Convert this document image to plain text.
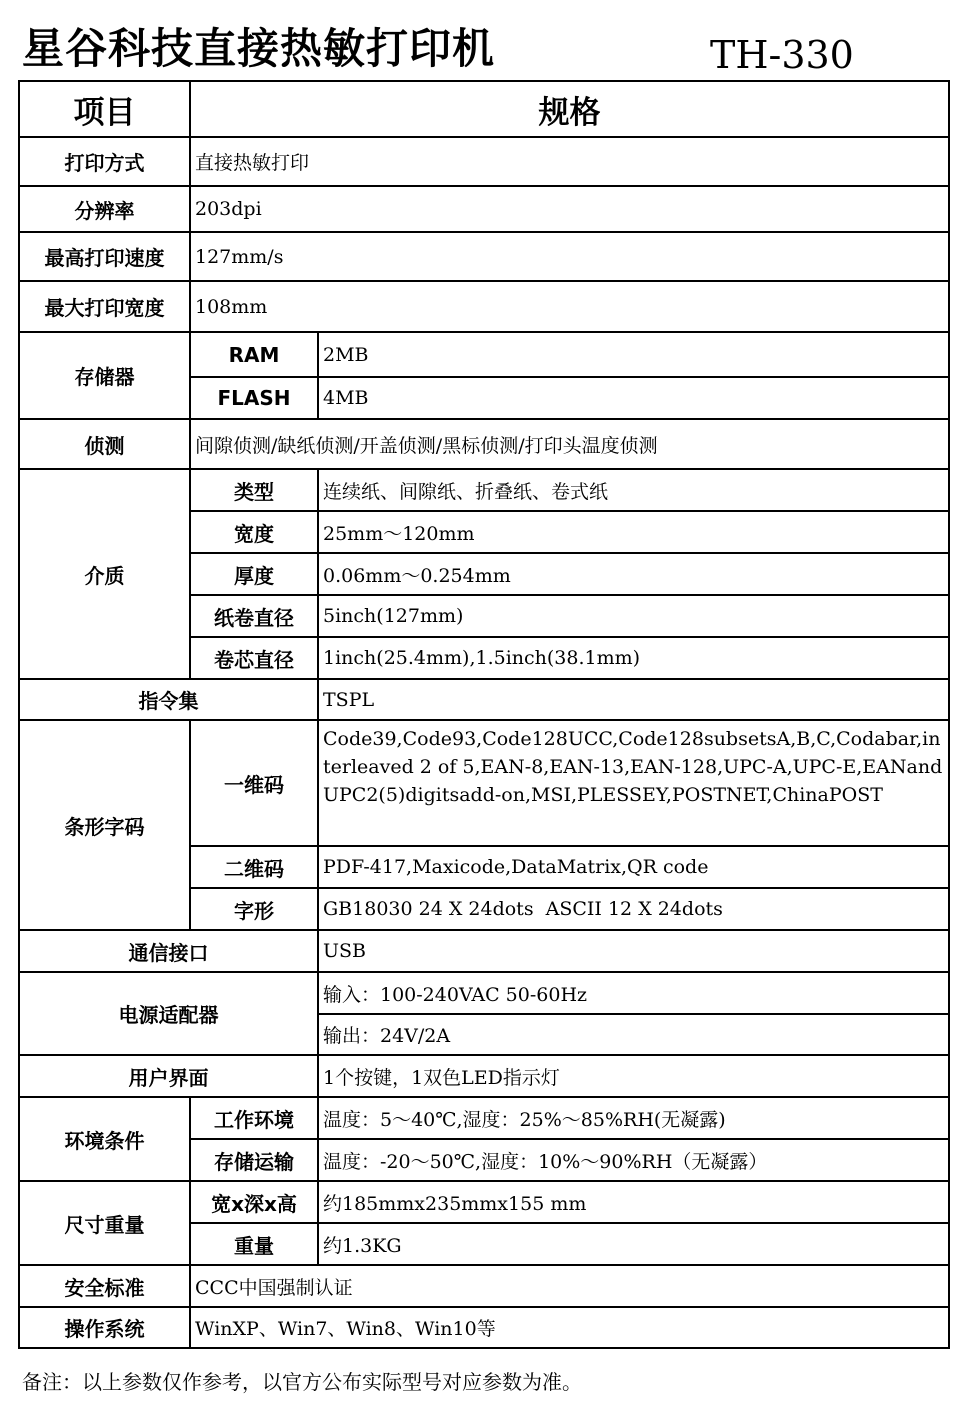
星谷科技直接热敏打印机	TH-330
项目	规格	
打印方式	直接热敏打印	
分辨率	203dpi	
最高打印速度	127mm/s	
最大打印宽度	108mm	
存储器	RAM	2MB
	FLASH	4MB
侦测	间隙侦测/缺纸侦测/开盖侦测/黑标侦测/打印头温度侦测	
介质	类型	连续纸、间隙纸、折叠纸、卷式纸
	宽度	25mm～120mm
	厚度	0.06mm～0.254mm
	纸卷直径	5inch(127mm)
	卷芯直径	1inch(25.4mm),1.5inch(38.1mm)
指令集		TSPL
条形字码	一维码	Code39,Code93,Code128UCC,Code128subsetsA,B,C,Codabar,interleaved 2 of 5,EAN-8,EAN-13,EAN-128,UPC-A,UPC-E,EANandUPC2(5)digitsadd-on,MSI,PLESSEY,POSTNET,ChinaPOST
	二维码	PDF-417,Maxicode,DataMatrix,QR code
	字形	GB18030 24 X 24dots  ASCII 12 X 24dots
通信接口		USB
电源适配器		输入：100-240VAC 50-60Hz
		输出：24V/2A
用户界面		1个按键，1双色LED指示灯
环境条件	工作环境	温度：5～40℃,湿度：25%～85%RH(无凝露)
	存储运输	温度：-20～50℃,湿度：10%～90%RH（无凝露）
尺寸重量	宽x深x高	约185mmx235mmx155 mm
	重量	约1.3KG
安全标准	CCC中国强制认证	
操作系统	WinXP、Win7、Win8、Win10等	
备注：以上参数仅作参考，以官方公布实际型号对应参数为准。
